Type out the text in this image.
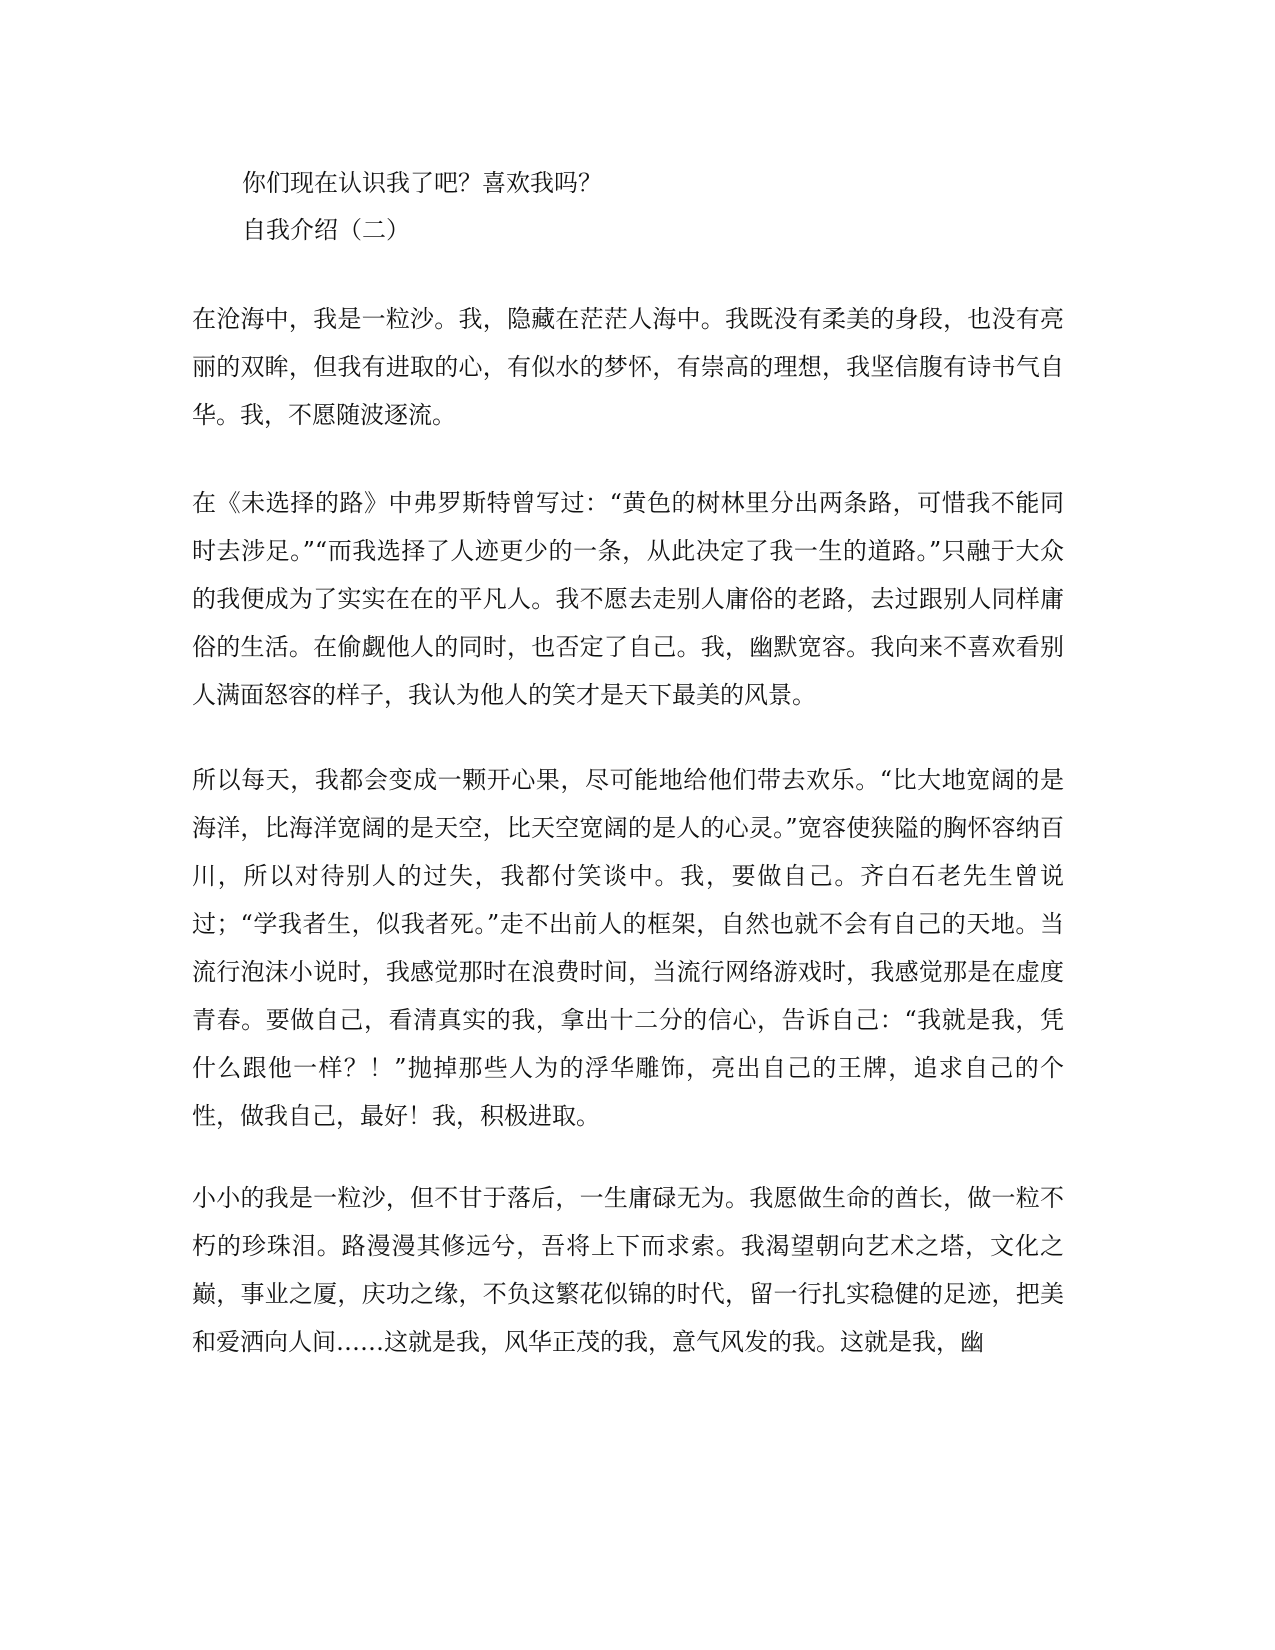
你们现在认识我了吧？喜欢我吗？
自我介绍（二）

在沧海中，我是一粒沙。我，隐藏在茫茫人海中。我既没有柔美的身段，也没有亮丽的双眸，但我有进取的心，有似水的梦怀，有崇高的理想，我坚信腹有诗书气自华。我，不愿随波逐流。

在《未选择的路》中弗罗斯特曾写过：“黄色的树林里分出两条路，可惜我不能同时去涉足。”“而我选择了人迹更少的一条，从此决定了我一生的道路。”只融于大众的我便成为了实实在在的平凡人。我不愿去走别人庸俗的老路，去过跟别人同样庸俗的生活。在偷觑他人的同时，也否定了自己。我，幽默宽容。我向来不喜欢看别人满面怒容的样子，我认为他人的笑才是天下最美的风景。

所以每天，我都会变成一颗开心果，尽可能地给他们带去欢乐。“比大地宽阔的是海洋，比海洋宽阔的是天空，比天空宽阔的是人的心灵。”宽容使狭隘的胸怀容纳百川，所以对待别人的过失，我都付笑谈中。我，要做自己。齐白石老先生曾说过；“学我者生，似我者死。”走不出前人的框架，自然也就不会有自己的天地。当流行泡沫小说时，我感觉那时在浪费时间，当流行网络游戏时，我感觉那是在虚度青春。要做自己，看清真实的我，拿出十二分的信心，告诉自己：“我就是我，凭什么跟他一样？！”抛掉那些人为的浮华雕饰，亮出自己的王牌，追求自己的个性，做我自己，最好！我，积极进取。

小小的我是一粒沙，但不甘于落后，一生庸碌无为。我愿做生命的酋长，做一粒不朽的珍珠泪。路漫漫其修远兮，吾将上下而求索。我渴望朝向艺术之塔，文化之巅，事业之厦，庆功之缘，不负这繁花似锦的时代，留一行扎实稳健的足迹，把美和爱洒向人间……这就是我，风华正茂的我，意气风发的我。这就是我，幽
